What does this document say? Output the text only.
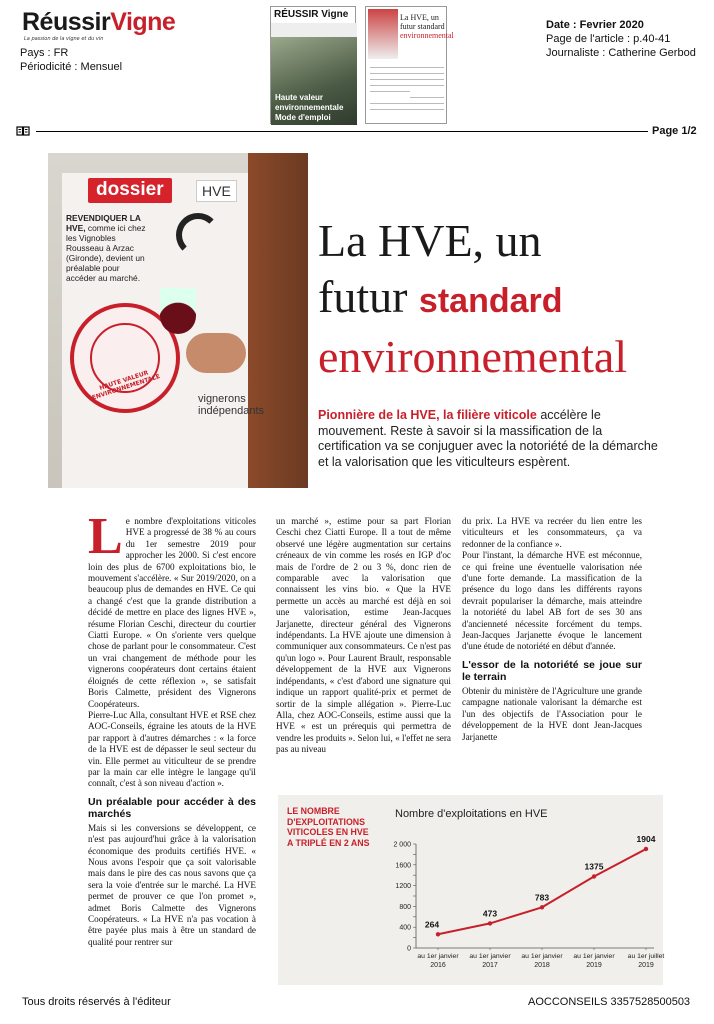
RéussirVigne
La passion de la vigne et du vin
Pays : FR
Périodicité : Mensuel
RÉUSSIR Vigne
Haute valeur environnementale Mode d'emploi
La HVE, un
futur standard
environnemental
Date : Fevrier 2020
Page de l'article : p.40-41
Journaliste : Catherine Gerbod
Page 1/2
HAUTE VALEUR ENVIRONNEMENTALE	vignerons indépendants
dossier	HVE
REVENDIQUER LA HVE, comme ici chez les Vignobles Rousseau à Arzac (Gironde), devient un préalable pour accéder au marché.
La HVE, un
futur standard
environnemental
Pionnière de la HVE, la filière viticole accélère le mouvement. Reste à savoir si la massification de la certification va se conjuguer avec la notoriété de la démarche et la valorisation que les viticulteurs espèrent.
L e nombre d'exploitations viticoles HVE a progressé de 38 % au cours du 1er semestre 2019 pour approcher les 2000. Si c'est encore loin des plus de 6700 exploitations bio, le mouvement s'accélère. « Sur 2019/2020, on a beaucoup plus de demandes en HVE. Ce qui a changé c'est que la grande distribution a décidé de mettre en place des lignes HVE », résume Florian Ceschi, directeur du courtier Ciatti Europe. « On s'oriente vers quelque chose de parlant pour le consommateur. C'est un vrai changement de méthode pour les vignerons coopérateurs dont certains étaient éloignés de cette réflexion », se satisfait Boris Calmette, président des Vignerons Coopérateurs.

Pierre-Luc Alla, consultant HVE et RSE chez AOC-Conseils, égraine les atouts de la HVE par rapport à d'autres démarches : « la force de la HVE est de dépasser le seul secteur du vin. Elle permet au viticulteur de se prendre par la main car elle intègre le langage qu'il connaît, c'est à son niveau d'action ».

Un préalable pour accéder à des marchés

Mais si les conversions se développent, ce n'est pas aujourd'hui grâce à la valorisation économique des produits certifiés HVE. « Nous avons l'espoir que ça soit valorisable mais dans le pire des cas nous savons que ça sera la voie d'entrée sur le marché. La HVE permet de prouver ce que l'on promet », admet Boris Calmette des Vignerons Coopérateurs. « La HVE n'a pas vocation à être payée plus mais à être un standard de qualité pour rentrer sur

un marché », estime pour sa part Florian Ceschi chez Ciatti Europe. Il a tout de même observé une légère augmentation sur certains créneaux de vin comme les rosés en IGP d'oc mais de l'ordre de 2 ou 3 %, donc rien de comparable avec la valorisation que connaissent les vins bio. « Que la HVE permette un accès au marché est déjà en soi une valorisation, estime Jean-Jacques Jarjanette, directeur général des Vignerons indépendants. La HVE ajoute une dimension à communiquer aux consommateurs. Ce n'est pas qu'un logo ». Pour Laurent Brault, responsable développement de la HVE aux Vignerons indépendants, « c'est d'abord une signature qui indique un rapport qualité-prix et permet de sortir de la simple allégation ». Pierre-Luc Alla, chez AOC-Conseils, estime aussi que la HVE « est un prérequis qui permettra de vendre les produits ». Selon lui, « l'effet ne sera pas au niveau

du prix. La HVE va recréer du lien entre les viticulteurs et les consommateurs, ça va redonner de la confiance ».

Pour l'instant, la démarche HVE est méconnue, ce qui freine une éventuelle valorisation née d'une forte demande. La massification de la présence du logo dans les différents rayons devrait populariser la démarche, mais atteindre la notoriété du label AB fort de ses 30 ans d'ancienneté nécessite forcément du temps. Jean-Jacques Jarjanette évoque le lancement d'une étude de notoriété en début d'année.

L'essor de la notoriété se joue sur le terrain

Obtenir du ministère de l'Agriculture une grande campagne nationale valorisant la démarche est l'un des objectifs de l'Association pour le développement de la HVE dont Jean-Jacques Jarjanette

LE NOMBRE D'EXPLOITATIONS VITICOLES EN HVE A TRIPLÉ EN 2 ANS
Nombre d'exploitations en HVE
0
400
800
1200
1600
2 000
264
au 1er janvier
2016
473
au 1er janvier
2017
783
au 1er janvier
2018
1375
au 1er janvier
2019
1904
au 1er juillet
2019
Tous droits réservés à l'éditeur	AOCCONSEILS 3357528500503
